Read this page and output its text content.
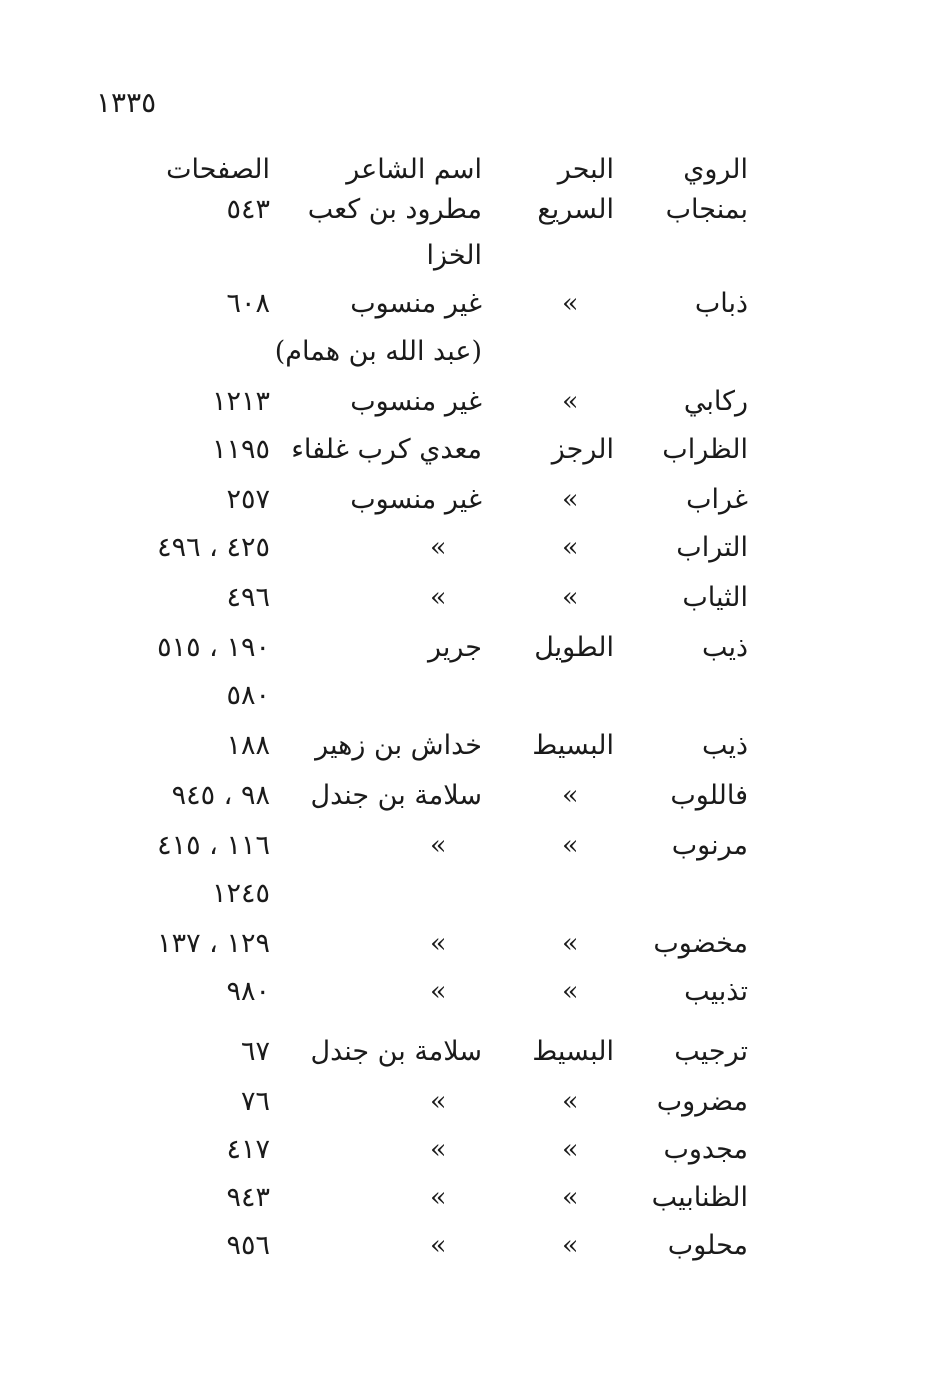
١٣٣٥
الروي
البحر
اسم الشاعر
الصفحات
بمنجاب
السريع
مطرود بن كعب
٥٤٣
الخزا
ذباب
»
غير منسوب
٦٠٨
(عبد الله بن همام)
ركابي
»
غير منسوب
١٢١٣
الظراب
الرجز
معدي كرب غلفاء
١١٩٥
غراب
»
غير منسوب
٢٥٧
التراب
»
»
٤٢٥ ، ٤٩٦
الثياب
»
»
٤٩٦
ذيب
الطويل
جرير
١٩٠ ، ٥١٥
٥٨٠
ذيب
البسيط
خداش بن زهير
١٨٨
فاللوب
»
سلامة بن جندل
٩٨ ، ٩٤٥
مرنوب
»
»
١١٦ ، ٤١٥
١٢٤٥
مخضوب
»
»
١٢٩ ، ١٣٧
تذبيب
»
»
٩٨٠
ترجيب
البسيط
سلامة بن جندل
٦٧
مضروب
»
»
٧٦
مجدوب
»
»
٤١٧
الظنابيب
»
»
٩٤٣
محلوب
»
»
٩٥٦
